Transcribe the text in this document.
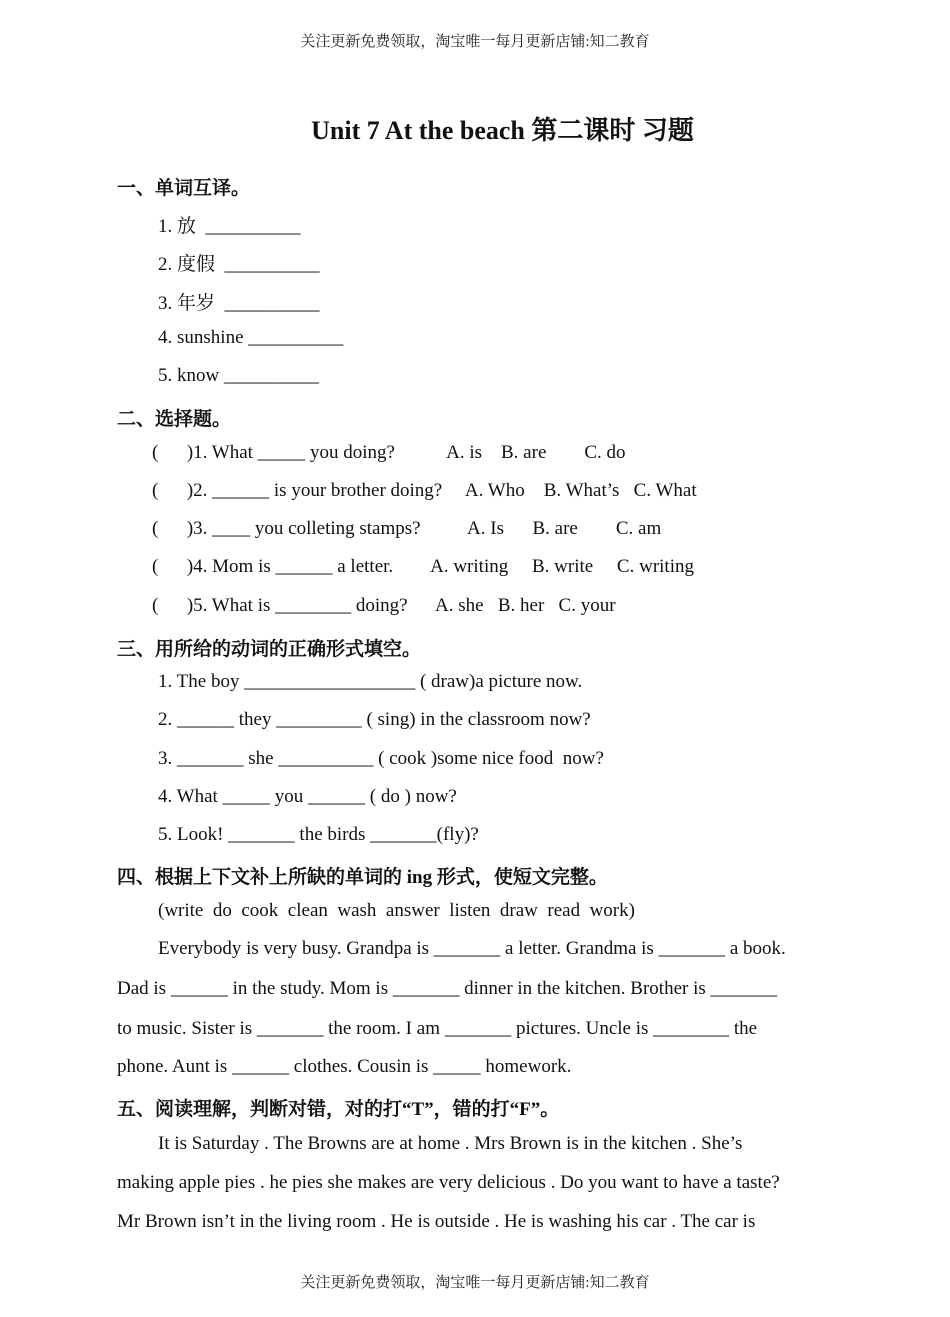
关注更新免费领取，淘宝唯一每月更新店铺:知二教育
Unit 7 At the beach 第二课时 习题
一、单词互译。
1. 放  __________
2. 度假  __________
3. 年岁  __________
4. sunshine __________
5. know __________
二、选择题。
(      )1. What _____ you doing?           A. is    B. are        C. do
(      )2. ______ is your brother doing?     A. Who    B. What’s   C. What
(      )3. ____ you colleting stamps?          A. Is      B. are        C. am
(      )4. Mom is ______ a letter.        A. writing     B. write     C. writing
(      )5. What is ________ doing?      A. she   B. her   C. your
三、用所给的动词的正确形式填空。
1. The boy __________________ ( draw)a picture now.
2. ______ they _________ ( sing) in the classroom now?
3. _______ she __________ ( cook )some nice food  now?
4. What _____ you ______ ( do ) now?
5. Look! _______ the birds _______(fly)?
四、根据上下文补上所缺的单词的 ing 形式，使短文完整。
(write  do  cook  clean  wash  answer  listen  draw  read  work)
Everybody is very busy. Grandpa is _______ a letter. Grandma is _______ a book.
Dad is ______ in the study. Mom is _______ dinner in the kitchen. Brother is _______
to music. Sister is _______ the room. I am _______ pictures. Uncle is ________ the
phone. Aunt is ______ clothes. Cousin is _____ homework.
五、阅读理解，判断对错，对的打“T”，错的打“F”。
It is Saturday . The Browns are at home . Mrs Brown is in the kitchen . She’s
making apple pies . he pies she makes are very delicious . Do you want to have a taste?
Mr Brown isn’t in the living room . He is outside . He is washing his car . The car is
关注更新免费领取，淘宝唯一每月更新店铺:知二教育
